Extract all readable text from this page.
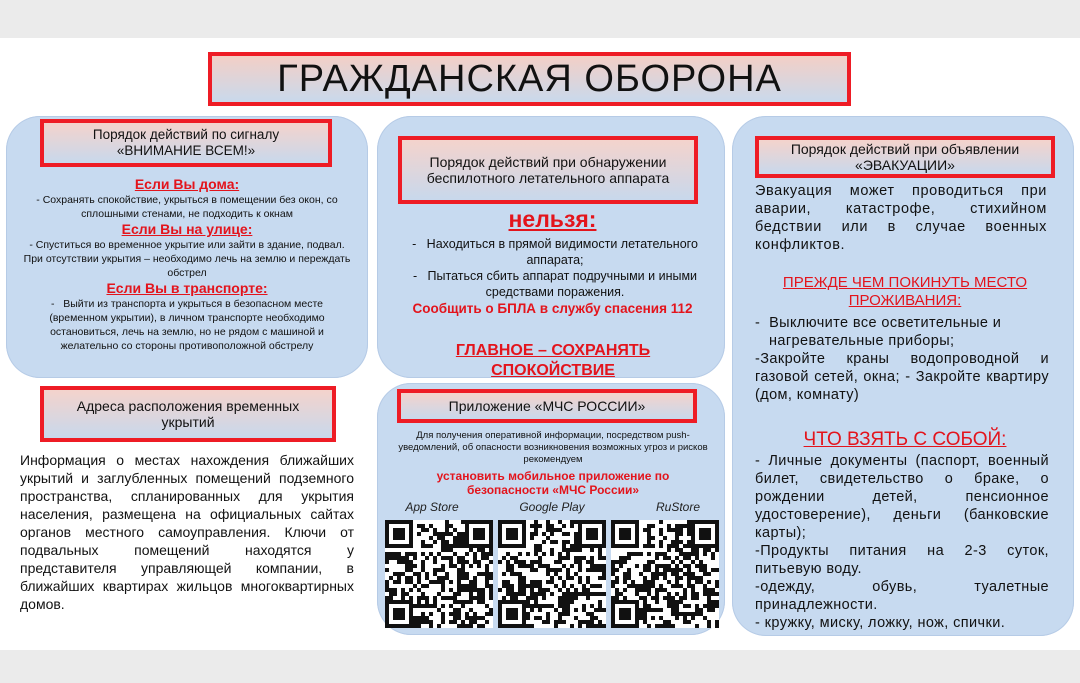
ГРАЖДАНСКАЯ ОБОРОНА
Порядок действий по сигналу «ВНИМАНИЕ ВСЕМ!»
Если Вы дома:
- Сохранять спокойствие, укрыться в помещении без окон, со сплошными стенами, не подходить к окнам
Если Вы на улице:
- Спуститься во временное укрытие или зайти в здание, подвал. При отсутствии укрытия – необходимо лечь на землю и переждать обстрел
Если Вы в транспорте:
-   Выйти из транспорта и укрыться в безопасном месте (временном укрытии), в личном транспорте необходимо остановиться, лечь на землю, но не рядом с машиной и желательно со стороны противоположной обстрелу
Адреса расположения временных укрытий
Информация о местах нахождения ближайших укрытий и заглубленных помещений подземного пространства, спланированных для укрытия населения, размещена на официальных сайтах органов местного самоуправления. Ключи от подвальных помещений находятся у представителя управляющей компании, в ближайших квартирах жильцов многоквартирных домов.
Порядок действий при обнаружении беспилотного летательного аппарата
нельзя:
-   Находиться в прямой видимости летательного аппарата;
-   Пытаться сбить аппарат подручными и иными средствами поражения.
Сообщить о БПЛА в службу спасения 112
ГЛАВНОЕ – СОХРАНЯТЬ СПОКОЙСТВИЕ
Приложение «МЧС РОССИИ»
Для получения оперативной информации, посредством push-уведомлений, об опасности возникновения возможных угроз и рисков рекомендуем
установить мобильное приложение по безопасности «МЧС России»
App Store	Google Play	RuStore
Порядок действий при объявлении «ЭВАКУАЦИИ»
Эвакуация может проводиться при аварии, катастрофе, стихийном бедствии или в случае военных конфликтов.
ПРЕЖДЕ ЧЕМ ПОКИНУТЬ МЕСТО ПРОЖИВАНИЯ:
-  Выключите все осветительные и нагревательные приборы;
-Закройте краны водопроводной и газовой сетей, окна; - Закройте квартиру (дом, комнату)
ЧТО ВЗЯТЬ С СОБОЙ:
- Личные документы (паспорт, военный билет, свидетельство о браке, о рождении детей, пенсионное удостоверение), деньги (банковские карты);
-Продукты питания на 2-3 суток, питьевую воду.
-одежду, обувь, туалетные принадлежности.
- кружку, миску, ложку, нож, спички.
